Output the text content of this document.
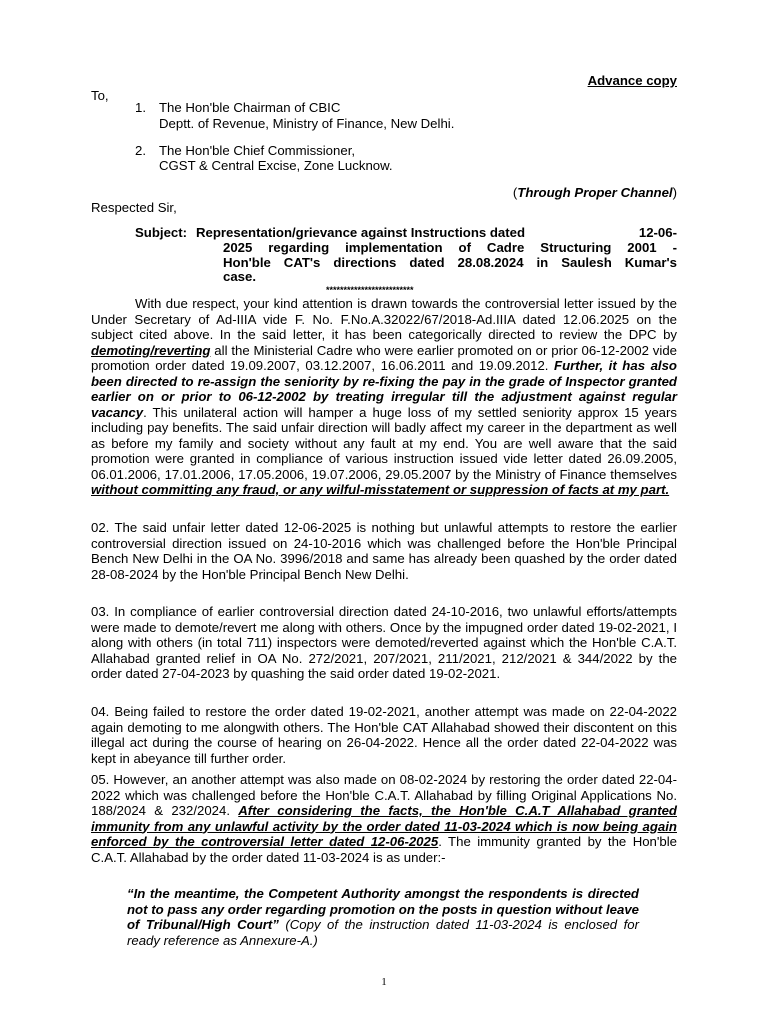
Advance copy
To,
1. The Hon'ble Chairman of CBIC
Deptt. of Revenue, Ministry of Finance, New Delhi.
2. The Hon'ble Chief Commissioner,
CGST & Central Excise, Zone Lucknow.
(Through Proper Channel)
Respected Sir,
Subject: Representation/grievance against Instructions dated	12-06-
2025 regarding implementation of Cadre Structuring 2001 -
Hon'ble CAT's directions dated 28.08.2024 in Saulesh Kumar's
case.
*************************
With due respect, your kind attention is drawn towards the controversial letter issued by the Under Secretary of Ad-IIIA vide F. No. F.No.A.32022/67/2018-Ad.IIIA dated 12.06.2025 on the subject cited above. In the said letter, it has been categorically directed to review the DPC by demoting/reverting all the Ministerial Cadre who were earlier promoted on or prior 06-12-2002 vide promotion order dated 19.09.2007, 03.12.2007, 16.06.2011 and 19.09.2012. Further, it has also been directed to re-assign the seniority by re-fixing the pay in the grade of Inspector granted earlier on or prior to 06-12-2002 by treating irregular till the adjustment against regular vacancy. This unilateral action will hamper a huge loss of my settled seniority approx 15 years including pay benefits. The said unfair direction will badly affect my career in the department as well as before my family and society without any fault at my end. You are well aware that the said promotion were granted in compliance of various instruction issued vide letter dated 26.09.2005, 06.01.2006, 17.01.2006, 17.05.2006, 19.07.2006, 29.05.2007 by the Ministry of Finance themselves without committing any fraud, or any wilful-misstatement or suppression of facts at my part.
02. The said unfair letter dated 12-06-2025 is nothing but unlawful attempts to restore the earlier controversial direction issued on 24-10-2016 which was challenged before the Hon'ble Principal Bench New Delhi in the OA No. 3996/2018 and same has already been quashed by the order dated 28-08-2024 by the Hon'ble Principal Bench New Delhi.
03. In compliance of earlier controversial direction dated 24-10-2016, two unlawful efforts/attempts were made to demote/revert me along with others. Once by the impugned order dated 19-02-2021, I along with others (in total 711) inspectors were demoted/reverted against which the Hon'ble C.A.T. Allahabad granted relief in OA No. 272/2021, 207/2021, 211/2021, 212/2021 & 344/2022 by the order dated 27-04-2023 by quashing the said order dated 19-02-2021.
04. Being failed to restore the order dated 19-02-2021, another attempt was made on 22-04-2022 again demoting to me alongwith others. The Hon'ble CAT Allahabad showed their discontent on this illegal act during the course of hearing on 26-04-2022. Hence all the order dated 22-04-2022 was kept in abeyance till further order.
05. However, an another attempt was also made on 08-02-2024 by restoring the order dated 22-04-2022 which was challenged before the Hon'ble C.A.T. Allahabad by filling Original Applications No. 188/2024 & 232/2024. After considering the facts, the Hon'ble C.A.T Allahabad granted immunity from any unlawful activity by the order dated 11-03-2024 which is now being again enforced by the controversial letter dated 12-06-2025. The immunity granted by the Hon'ble C.A.T. Allahabad by the order dated 11-03-2024 is as under:-
“In the meantime, the Competent Authority amongst the respondents is directed not to pass any order regarding promotion on the posts in question without leave of Tribunal/High Court” (Copy of the instruction dated 11-03-2024 is enclosed for ready reference as Annexure-A.)
1
